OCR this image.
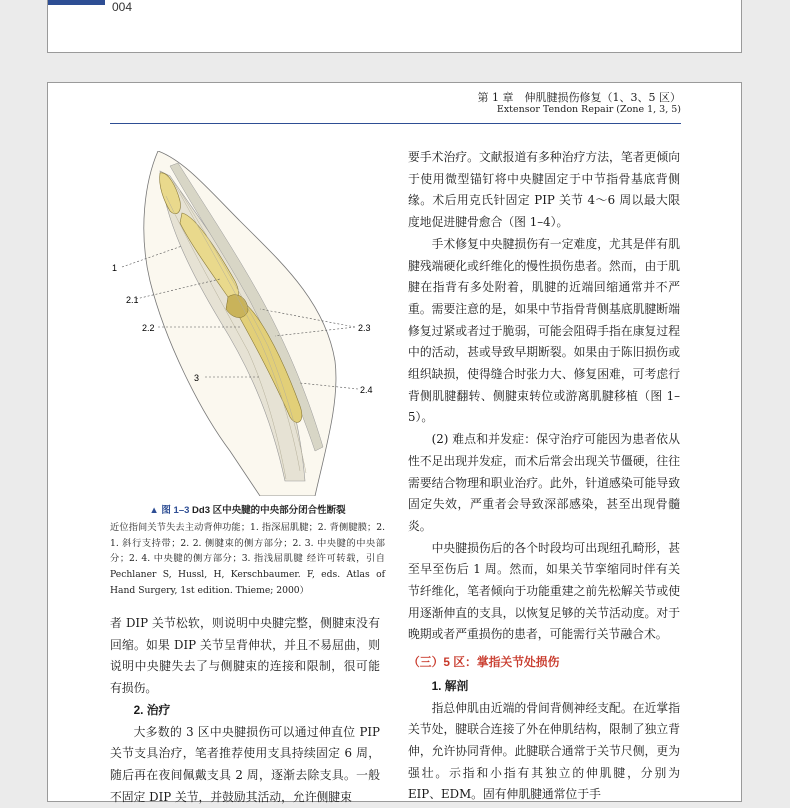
004
第 1 章　伸肌腱损伤修复（1、3、5 区）
Extensor Tendon Repair (Zone 1, 3, 5)
1
2.1
2.2	2.3
3
2.4
▲ 图 1–3 Dd3 区中央腱的中央部分闭合性断裂
近位指间关节失去主动背伸功能；1. 指深屈肌腱；2. 背侧腱膜；2. 1. 斜行支持带；2. 2. 侧腱束的侧方部分；2. 3. 中央腱的中央部分；2. 4. 中央腱的侧方部分；3. 指浅屈肌腱 经许可转载，引自 Pechlaner S, Hussl, H, Kerschbaumer. F, eds. Atlas of Hand Surgery, 1st edition. Thieme; 2000）

者 DIP 关节松软，则说明中央腱完整，侧腱束没有回缩。如果 DIP 关节呈背伸状，并且不易屈曲，则说明中央腱失去了与侧腱束的连接和限制，很可能有损伤。

2. 治疗

大多数的 3 区中央腱损伤可以通过伸直位 PIP 关节支具治疗，笔者推荐使用支具持续固定 6 周，随后再在夜间佩戴支具 2 周，逐渐去除支具。一般不固定 DIP 关节，并鼓励其活动，允许侧腱束

要手术治疗。文献报道有多种治疗方法，笔者更倾向于使用微型锚钉将中央腱固定于中节指骨基底背侧缘。术后用克氏针固定 PIP 关节 4～6 周以最大限度地促进腱骨愈合（图 1–4）。

手术修复中央腱损伤有一定难度，尤其是伴有肌腱残端硬化或纤维化的慢性损伤患者。然而，由于肌腱在指背有多处附着，肌腱的近端回缩通常并不严重。需要注意的是，如果中节指骨背侧基底肌腱断端修复过紧或者过于脆弱，可能会阻碍手指在康复过程中的活动，甚或导致早期断裂。如果由于陈旧损伤或组织缺损，使得缝合时张力大、修复困难，可考虑行背侧肌腱翻转、侧腱束转位或游离肌腱移植（图 1–5）。

(2) 难点和并发症：保守治疗可能因为患者依从性不足出现并发症，而术后常会出现关节僵硬，往往需要结合物理和职业治疗。此外，针道感染可能导致固定失效，严重者会导致深部感染，甚至出现骨髓炎。

中央腱损伤后的各个时段均可出现纽孔畸形，甚至早至伤后 1 周。然而，如果关节挛缩同时伴有关节纤维化，笔者倾向于功能重建之前先松解关节或使用逐渐伸直的支具，以恢复足够的关节活动度。对于晚期或者严重损伤的患者，可能需行关节融合术。

（三）5 区：掌指关节处损伤

1. 解剖

指总伸肌由近端的骨间背侧神经支配。在近掌指关节处，腱联合连接了外在伸肌结构，限制了独立背伸，允许协同背伸。此腱联合通常于关节尺侧，更为强壮。示指和小指有其独立的伸肌腱，分别为 EIP、EDM。固有伸肌腱通常位于手
